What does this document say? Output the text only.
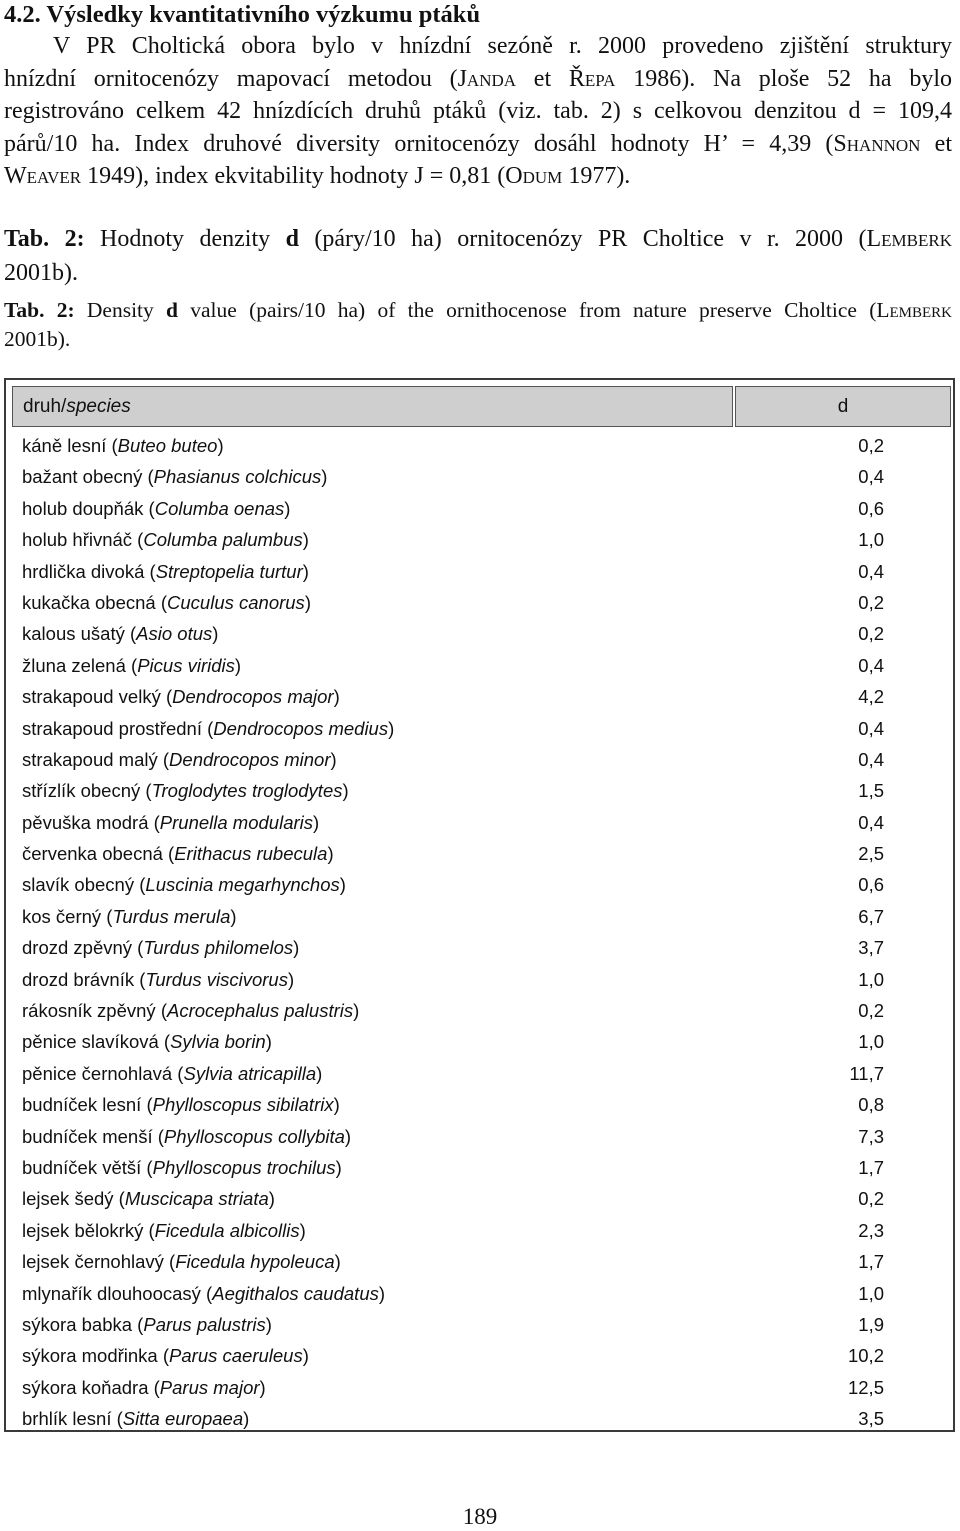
4.2. Výsledky kvantitativního výzkumu ptáků
V PR Choltická obora bylo v hnízdní sezóně r. 2000 provedeno zjištění struktury
hnízdní ornitocenózy mapovací metodou (Janda et Řepa 1986). Na ploše 52 ha bylo
registrováno celkem 42 hnízdících druhů ptáků (viz. tab. 2) s celkovou denzitou d = 109,4
párů/10 ha. Index druhové diversity ornitocenózy dosáhl hodnoty H’ = 4,39 (Shannon et
Weaver 1949), index ekvitability hodnoty J = 0,81 (Odum 1977).
Tab. 2: Hodnoty denzity d (páry/10 ha) ornitocenózy PR Choltice v r. 2000 (Lemberk
2001b).
Tab. 2: Density d value (pairs/10 ha) of the ornithocenose from nature preserve Choltice (Lemberk
2001b).
druh/species	d
káně lesní (Buteo buteo)	0,2
bažant obecný (Phasianus colchicus)	0,4
holub doupňák (Columba oenas)	0,6
holub hřivnáč (Columba palumbus)	1,0
hrdlička divoká (Streptopelia turtur)	0,4
kukačka obecná (Cuculus canorus)	0,2
kalous ušatý (Asio otus)	0,2
žluna zelená (Picus viridis)	0,4
strakapoud velký (Dendrocopos major)	4,2
strakapoud prostřední (Dendrocopos medius)	0,4
strakapoud malý (Dendrocopos minor)	0,4
střízlík obecný (Troglodytes troglodytes)	1,5
pěvuška modrá (Prunella modularis)	0,4
červenka obecná (Erithacus rubecula)	2,5
slavík obecný (Luscinia megarhynchos)	0,6
kos černý (Turdus merula)	6,7
drozd zpěvný (Turdus philomelos)	3,7
drozd brávník (Turdus viscivorus)	1,0
rákosník zpěvný (Acrocephalus palustris)	0,2
pěnice slavíková (Sylvia borin)	1,0
pěnice černohlavá (Sylvia atricapilla)	11,7
budníček lesní (Phylloscopus sibilatrix)	0,8
budníček menší (Phylloscopus collybita)	7,3
budníček větší (Phylloscopus trochilus)	1,7
lejsek šedý (Muscicapa striata)	0,2
lejsek bělokrký (Ficedula albicollis)	2,3
lejsek černohlavý (Ficedula hypoleuca)	1,7
mlynařík dlouhoocasý (Aegithalos caudatus)	1,0
sýkora babka (Parus palustris)	1,9
sýkora modřinka (Parus caeruleus)	10,2
sýkora koňadra (Parus major)	12,5
brhlík lesní (Sitta europaea)	3,5
189
